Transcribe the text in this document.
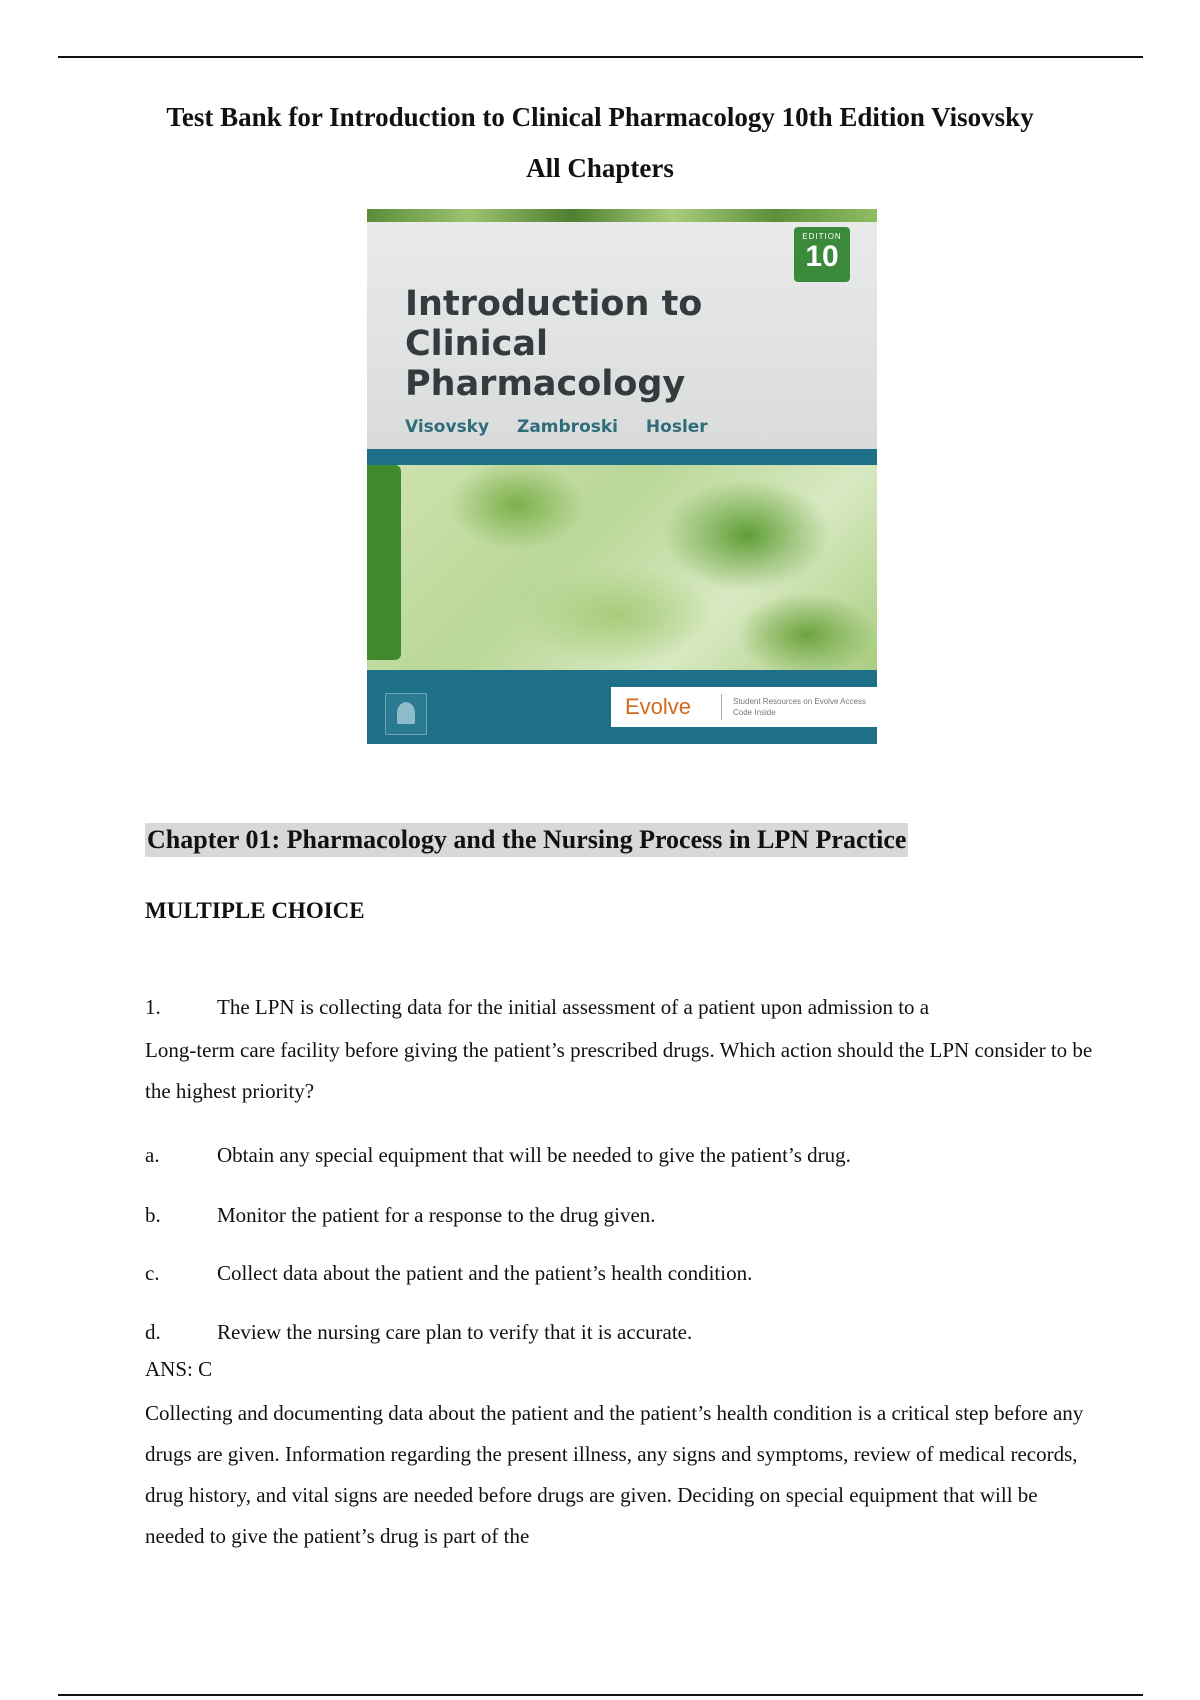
Test Bank for Introduction to Clinical Pharmacology 10th Edition Visovsky
All Chapters
EDITION
10
Introduction to Clinical Pharmacology
Visovsky Zambroski Hosler
Evolve	Student Resources on Evolve Access Code Inside
Chapter 01: Pharmacology and the Nursing Process in LPN Practice
MULTIPLE CHOICE
1.	The LPN is collecting data for the initial assessment of a patient upon admission to a
Long-term care facility before giving the patient’s prescribed drugs. Which action should the LPN consider to be the highest priority?
a.	Obtain any special equipment that will be needed to give the patient’s drug.
b.	Monitor the patient for a response to the drug given.
c.	Collect data about the patient and the patient’s health condition.
d.	Review the nursing care plan to verify that it is accurate.
ANS: C
Collecting and documenting data about the patient and the patient’s health condition is a critical step before any drugs are given. Information regarding the present illness, any signs and symptoms, review of medical records, drug history, and vital signs are needed before drugs are given. Deciding on special equipment that will be needed to give the patient’s drug is part of the
